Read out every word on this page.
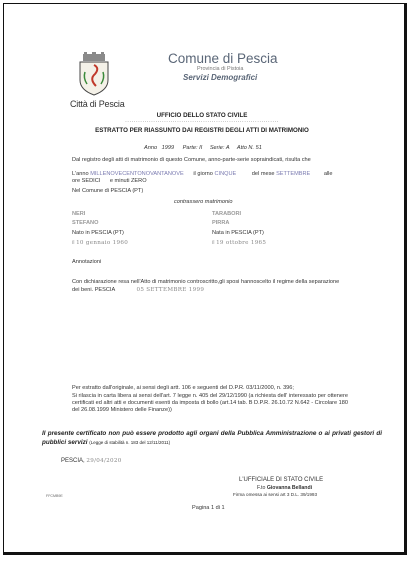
Città di Pescia
Comune di Pescia
Provincia di Pistoia
Servizi Demografici
UFFICIO DELLO STATO CIVILE
·······································································
ESTRATTO PER RIASSUNTO DAI REGISTRI DEGLI ATTI DI MATRIMONIO
Anno 1999 Parte: II Serie: A Atto N. 51
Dal registro degli atti di matrimonio di questo Comune, anno-parte-serie sopraindicati, risulta che
L'anno MILLENOVECENTONOVANTANOVE il giorno CINQUE	del mese SETTEMBRE alle
ore SEDICI e minuti ZERO
Nel Comune di PESCIA (PT)
contrassero matrimonio
NERI
STEFANO
Nato in PESCIA (PT)
il 10 gennaio 1960
TARABORI
PIRRA
Nata in PESCIA (PT)
il 19 ottobre 1965
Annotazioni
Con dichiarazione resa nell'Atto di matrimonio controscritto,gli sposi hannoscelto il regime della separazione dei beni. PESCIA	05 SETTEMBRE 1999
Per estratto dall'originale, ai sensi degli artt. 106 e seguenti del D.P.R. 03/11/2000, n. 396;
Si rilascia in carta libera ai sensi dell'art. 7 legge n. 405 del 29/12/1990 (a richiesta dell' interessato per ottenere certificati ed altri atti e documenti esenti da imposta di bollo (art.14 tab. B D.P.R. 26.10.72 N.642 - Circolare 180 del 26.08.1999 Ministero delle Finanze))
Il presente certificato non può essere prodotto agli organi della Pubblica Amministrazione o ai privati gestori di pubblici servizi (Legge di stabilità n. 183 del 12/11/2011)
PESCIA, 29/04/2020
L'UFFICIALE DI STATO CIVILE
F.to Giovanna Bellandi
Firma omessa ai sensi art 3 D.L. 39/1993
FFCMB9E
Pagina 1 di 1
